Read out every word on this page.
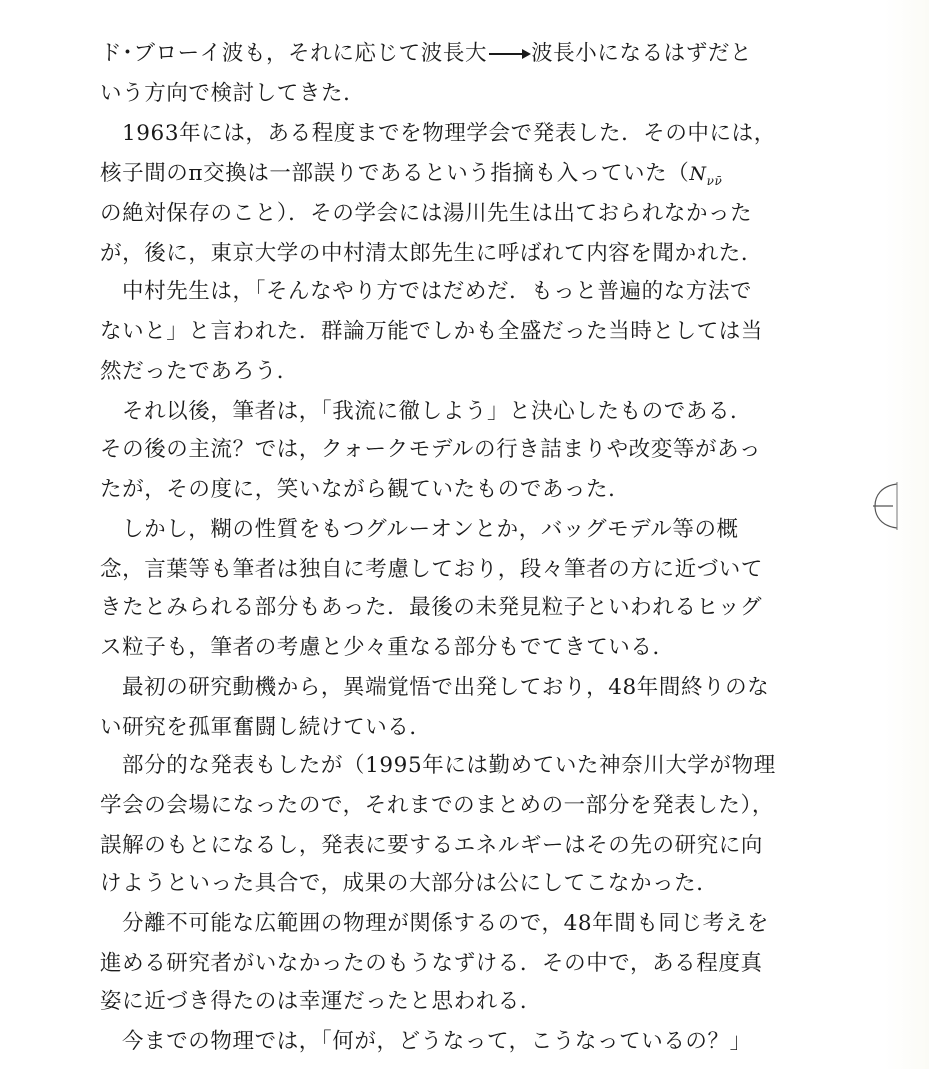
ド･ブローイ波も，それに応じて波長大 波長小になるはずだと
いう方向で検討してきた．
1963年には，ある程度までを物理学会で発表した．その中には，
核子間のπ交換は一部誤りであるという指摘も入っていた（$N_{\nu\nū}$
の絶対保存のこと）．その学会には湯川先生は出ておられなかった
が，後に，東京大学の中村清太郎先生に呼ばれて内容を聞かれた．
中村先生は，「そんなやり方ではだめだ．もっと普遍的な方法で
ないと」と言われた．群論万能でしかも全盛だった当時としては当
然だったであろう．
それ以後，筆者は，「我流に徹しよう」と決心したものである．
その後の主流？では，クォークモデルの行き詰まりや改変等があっ
たが，その度に，笑いながら観ていたものであった．
しかし，糊の性質をもつグルーオンとか，バッグモデル等の概
念，言葉等も筆者は独自に考慮しており，段々筆者の方に近づいて
きたとみられる部分もあった．最後の未発見粒子といわれるヒッグ
ス粒子も，筆者の考慮と少々重なる部分もでてきている．
最初の研究動機から，異端覚悟で出発しており，48年間終りのな
い研究を孤軍奮闘し続けている．
部分的な発表もしたが（1995年には勤めていた神奈川大学が物理
学会の会場になったので，それまでのまとめの一部分を発表した），
誤解のもとになるし，発表に要するエネルギーはその先の研究に向
けようといった具合で，成果の大部分は公にしてこなかった．
分離不可能な広範囲の物理が関係するので，48年間も同じ考えを
進める研究者がいなかったのもうなずける．その中で，ある程度真
姿に近づき得たのは幸運だったと思われる．
今までの物理では，「何が，どうなって，こうなっているの？」
